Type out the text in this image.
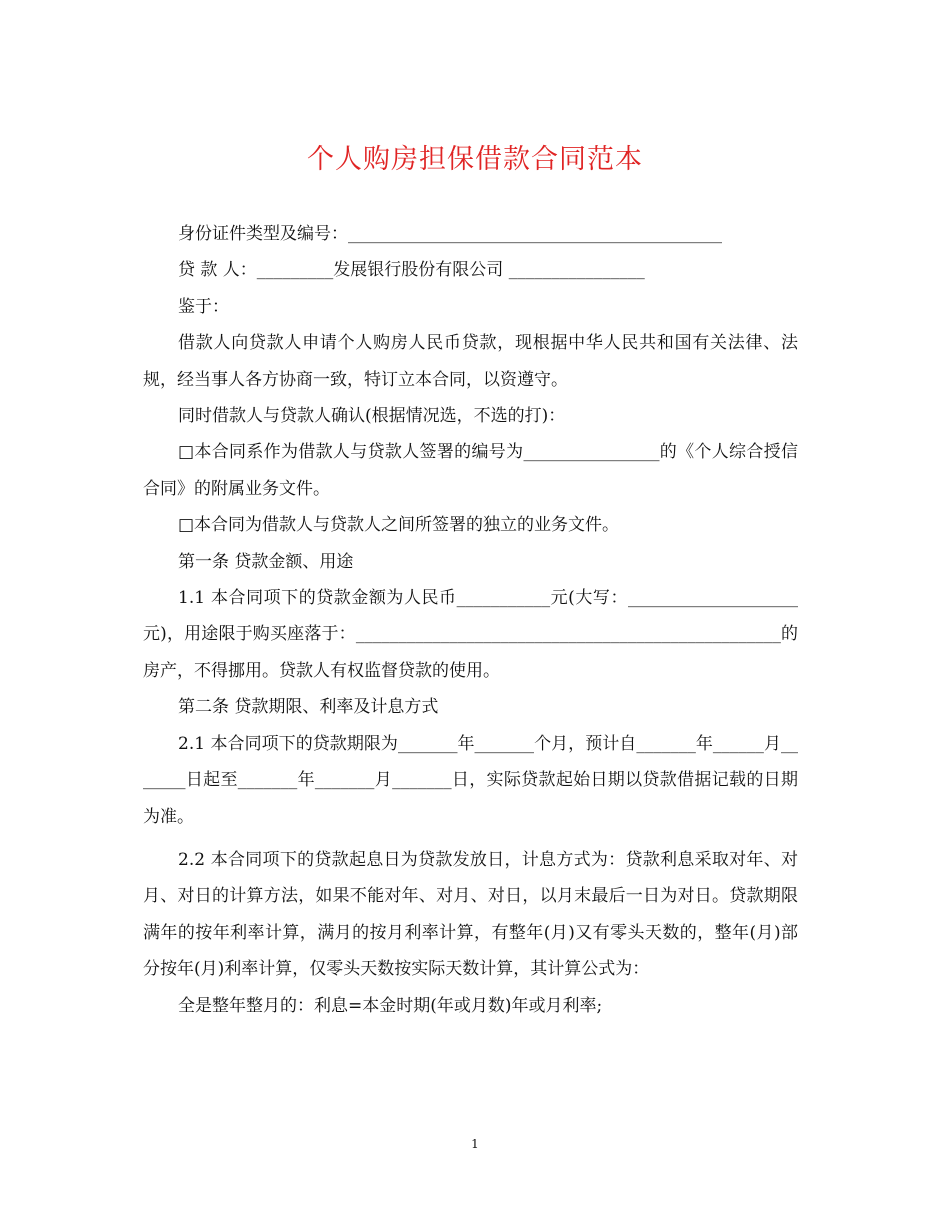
个人购房担保借款合同范本

身份证件类型及编号：____________________________________________

贷 款 人：_________发展银行股份有限公司 ________________

鉴于：

借款人向贷款人申请个人购房人民币贷款，现根据中华人民共和国有关法律、法规，经当事人各方协商一致，特订立本合同，以资遵守。

同时借款人与贷款人确认(根据情况选，不选的打)：

□本合同系作为借款人与贷款人签署的编号为________________的《个人综合授信合同》的附属业务文件。

□本合同为借款人与贷款人之间所签署的独立的业务文件。

第一条 贷款金额、用途

1.1 本合同项下的贷款金额为人民币___________元(大写：____________________元)，用途限于购买座落于：__________________________________________________的房产，不得挪用。贷款人有权监督贷款的使用。

第二条 贷款期限、利率及计息方式

2.1 本合同项下的贷款期限为_______年_______个月，预计自_______年______月_______日起至_______年_______月_______日，实际贷款起始日期以贷款借据记载的日期为准。

2.2 本合同项下的贷款起息日为贷款发放日，计息方式为：贷款利息采取对年、对月、对日的计算方法，如果不能对年、对月、对日，以月末最后一日为对日。贷款期限满年的按年利率计算，满月的按月利率计算，有整年(月)又有零头天数的，整年(月)部分按年(月)利率计算，仅零头天数按实际天数计算，其计算公式为：

全是整年整月的：利息=本金时期(年或月数)年或月利率;

1
